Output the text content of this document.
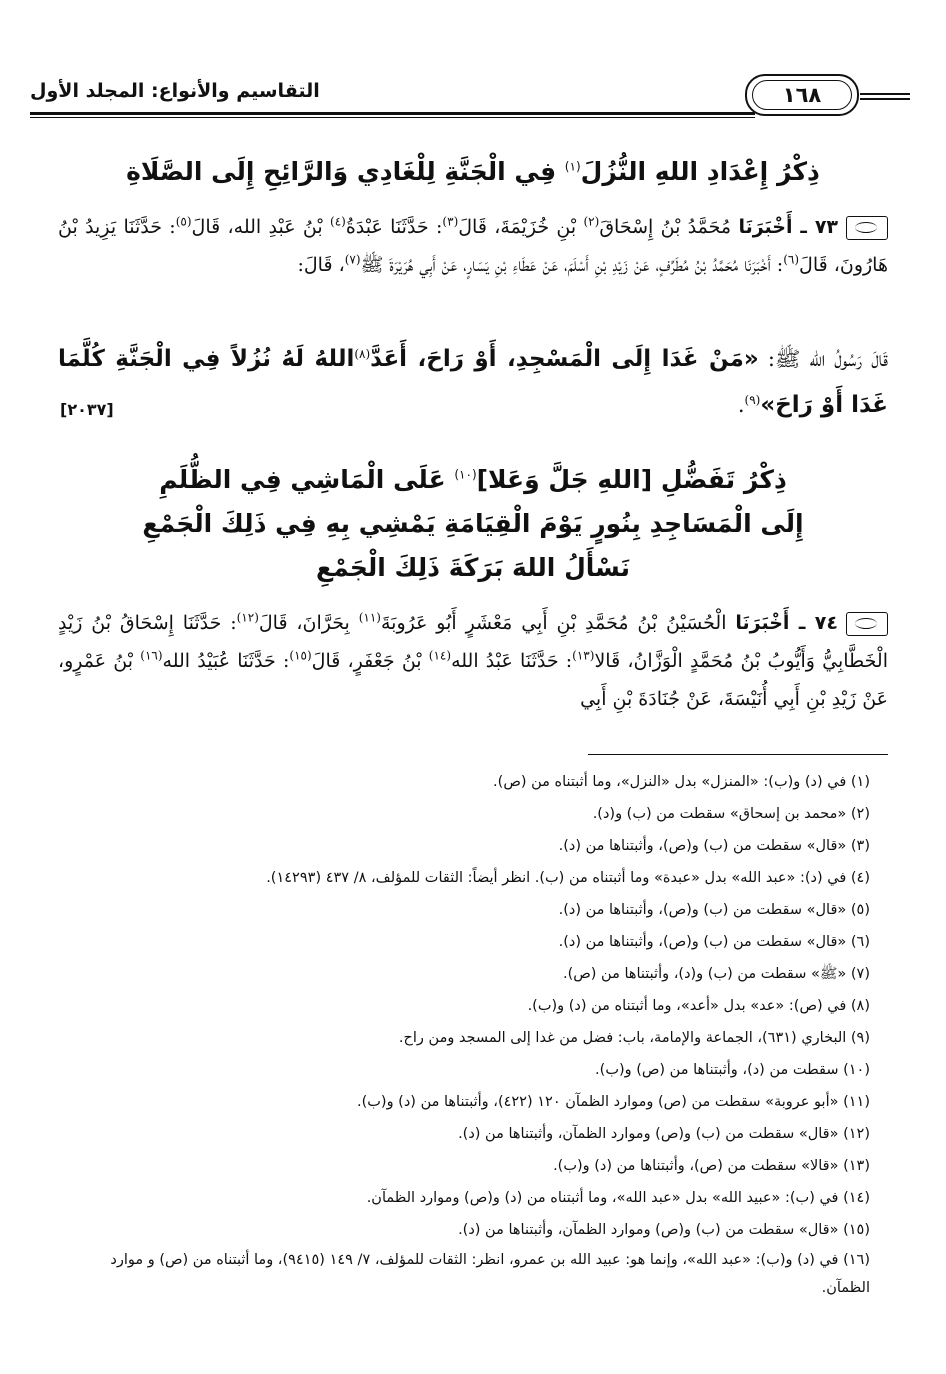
التقاسيم والأنواع: المجلد الأول	١٦٨
ذِكْرُ إِعْدَادِ اللهِ النُّزُلَ$^{(١)}$ فِي الْجَنَّةِ لِلْغَادِي وَالرَّائِحِ إِلَى الصَّلَاةِ
٧٣ ـ أَخْبَرَنَا مُحَمَّدُ بْنُ إِسْحَاقَ$^{(٢)}$ بْنِ خُزَيْمَةَ، قَالَ$^{(٣)}$: حَدَّثَنَا عَبْدَةُ$^{(٤)}$ بْنُ عَبْدِ الله، قَالَ$^{(٥)}$: حَدَّثَنَا يَزِيدُ بْنُ هَارُونَ، قَالَ$^{(٦)}$: أَخْبَرَنَا مُحَمَّدُ بْنُ مُطَرِّفٍ، عَنْ زَيْدِ بْنِ أَسْلَمَ، عَنْ عَطَاءِ بْنِ يَسَارٍ، عَنْ أَبِي هُرَيْرَةَ ﷺ$^{(٧)}$، قَالَ:
قَالَ رَسُولُ الله ﷺ: «مَنْ غَدَا إِلَى الْمَسْجِدِ، أَوْ رَاحَ، أَعَدَّ$^{(٨)}$اللهُ لَهُ نُزُلاً فِي الْجَنَّةِ كُلَّمَا غَدَا أَوْ رَاحَ»$^{(٩)}$.
[٢٠٣٧]
ذِكْرُ تَفَضُّلِ [اللهِ جَلَّ وَعَلا]$^{(١٠)}$ عَلَى الْمَاشِي فِي الظُّلَمِ
إِلَى الْمَسَاجِدِ بِنُورٍ يَوْمَ الْقِيَامَةِ يَمْشِي بِهِ فِي ذَلِكَ الْجَمْعِ
نَسْأَلُ اللهَ بَرَكَةَ ذَلِكَ الْجَمْعِ
٧٤ ـ أَخْبَرَنَا الْحُسَيْنُ بْنُ مُحَمَّدِ بْنِ أَبِي مَعْشَرٍ أَبُو عَرُوبَةَ$^{(١١)}$ بِحَرَّانَ، قَالَ$^{(١٢)}$: حَدَّثَنَا إِسْحَاقُ بْنُ زَيْدٍ الْخَطَّابِيُّ وَأَيُّوبُ بْنُ مُحَمَّدٍ الْوَزَّانُ، قَالا$^{(١٣)}$: حَدَّثَنَا عَبْدُ الله$^{(١٤)}$ بْنُ جَعْفَرٍ، قَالَ$^{(١٥)}$: حَدَّثَنَا عُبَيْدُ الله$^{(١٦)}$ بْنُ عَمْرٍو، عَنْ زَيْدِ بْنِ أَبِي أُنَيْسَةَ، عَنْ جُنَادَةَ بْنِ أَبِي
(١) في (د) و(ب): «المنزل» بدل «النزل»، وما أثبتناه من (ص).
(٢) «محمد بن إسحاق» سقطت من (ب) و(د).
(٣) «قال» سقطت من (ب) و(ص)، وأثبتناها من (د).
(٤) في (د): «عبد الله» بدل «عبدة» وما أثبتناه من (ب). انظر أيضاً: الثقات للمؤلف، ٨/ ٤٣٧ (١٤٢٩٣).
(٥) «قال» سقطت من (ب) و(ص)، وأثبتناها من (د).
(٦) «قال» سقطت من (ب) و(ص)، وأثبتناها من (د).
(٧) «ﷺ» سقطت من (ب) و(د)، وأثبتناها من (ص).
(٨) في (ص): «عد» بدل «أعد»، وما أثبتناه من (د) و(ب).
(٩) البخاري (٦٣١)، الجماعة والإمامة، باب: فضل من غدا إلى المسجد ومن راح.
(١٠) سقطت من (د)، وأثبتناها من (ص) و(ب).
(١١) «أبو عروبة» سقطت من (ص) وموارد الظمآن ١٢٠ (٤٢٢)، وأثبتناها من (د) و(ب).
(١٢) «قال» سقطت من (ب) و(ص) وموارد الظمآن، وأثبتناها من (د).
(١٣) «قالا» سقطت من (ص)، وأثبتناها من (د) و(ب).
(١٤) في (ب): «عبيد الله» بدل «عبد الله»، وما أثبتناه من (د) و(ص) وموارد الظمآن.
(١٥) «قال» سقطت من (ب) و(ص) وموارد الظمآن، وأثبتناها من (د).
(١٦) في (د) و(ب): «عبد الله»، وإنما هو: عبيد الله بن عمرو، انظر: الثقات للمؤلف، ٧/ ١٤٩ (٩٤١٥)، وما أثبتناه من (ص) و موارد الظمآن.
